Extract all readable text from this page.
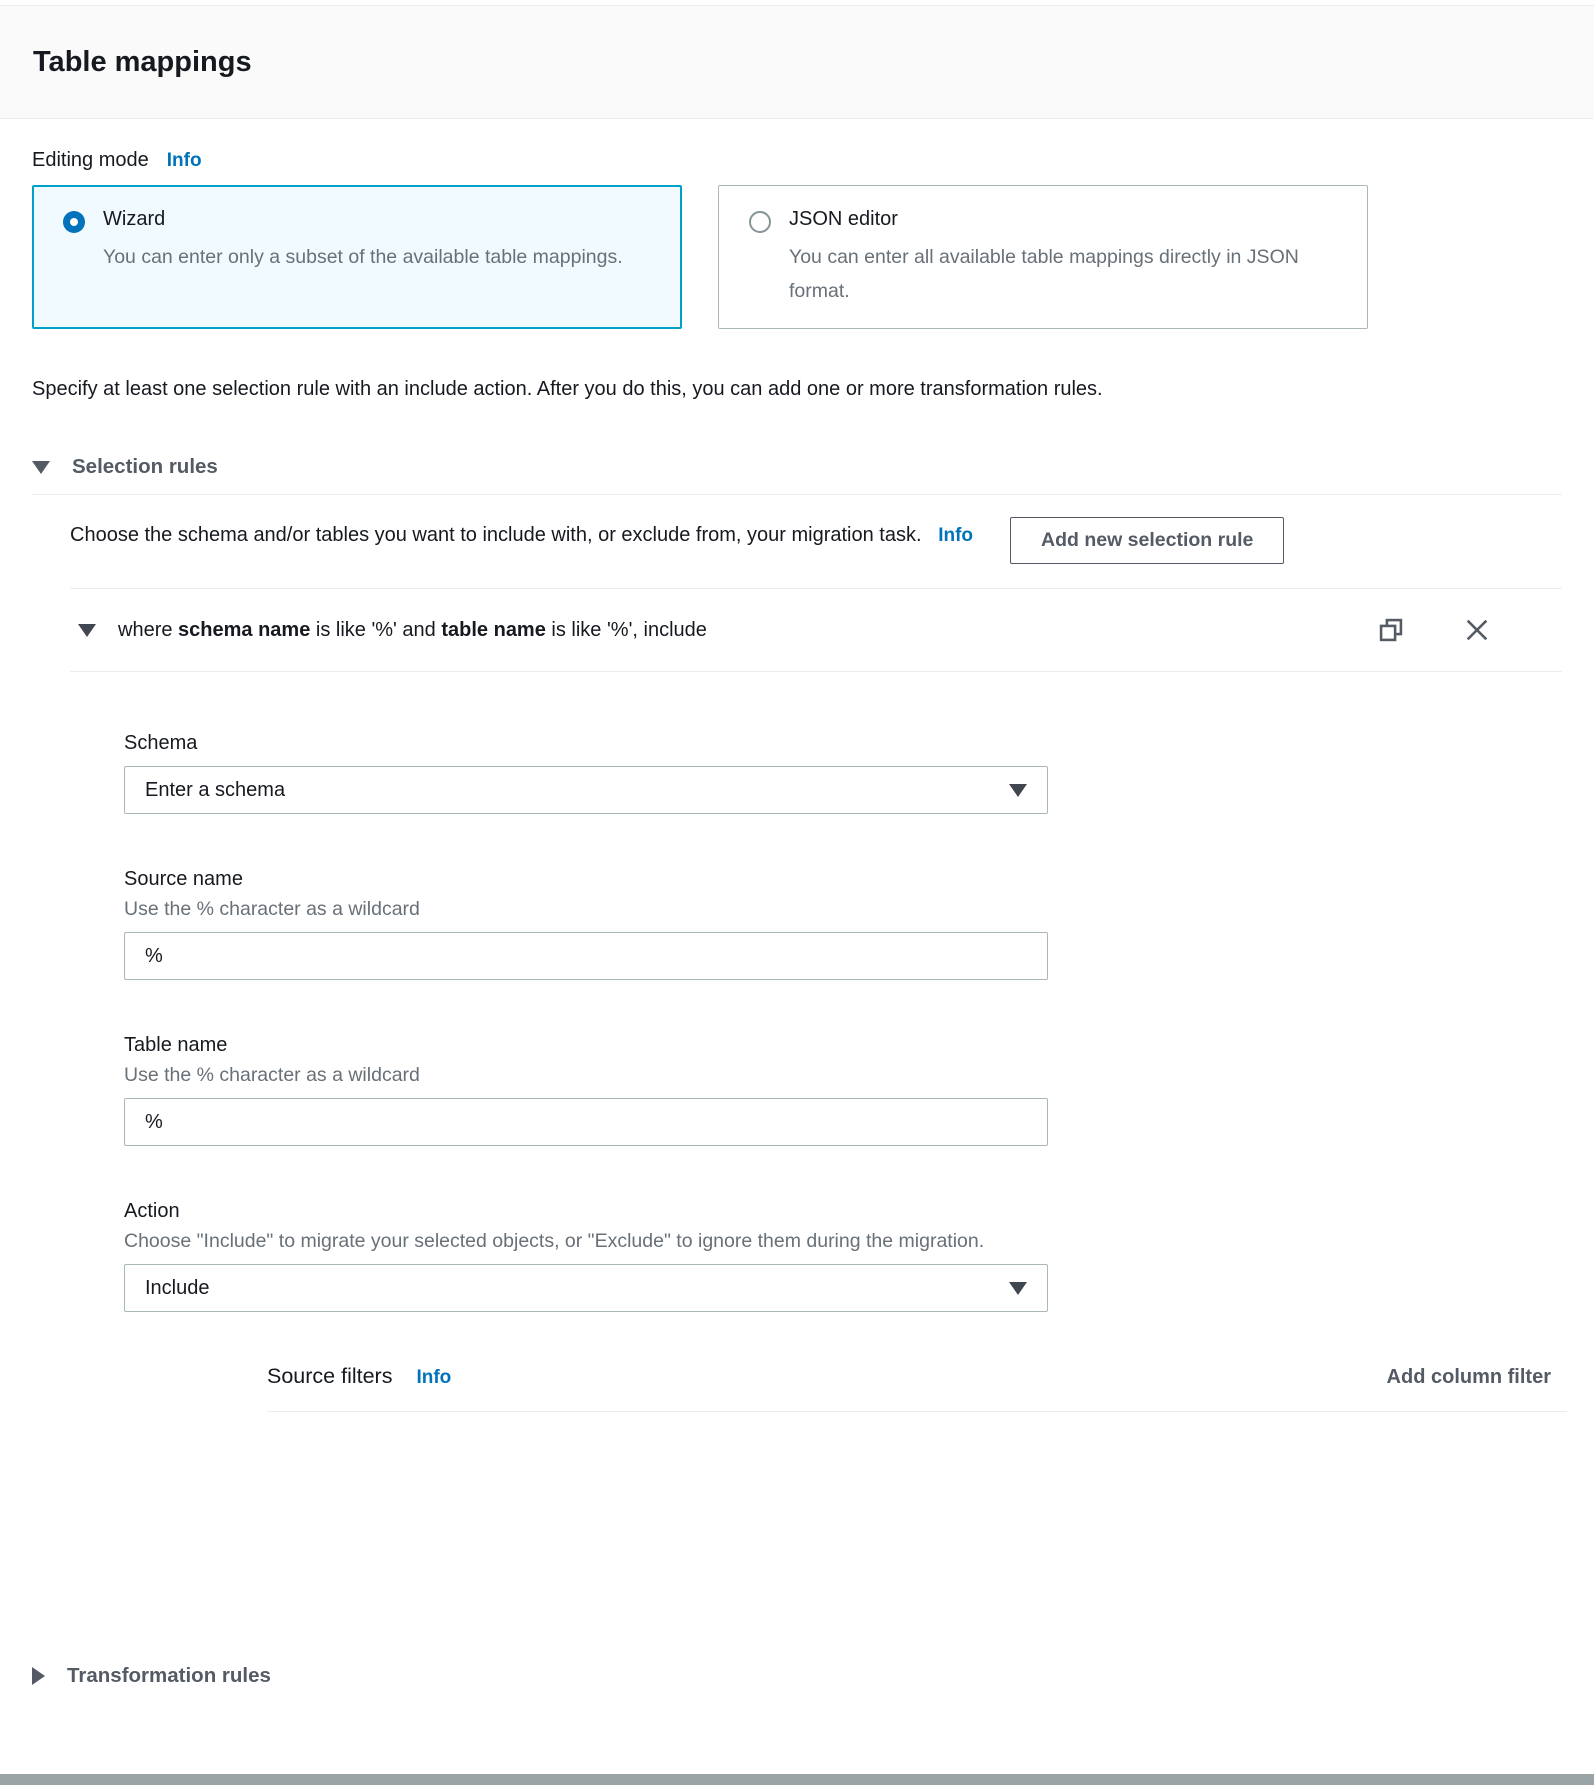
Table mappings
Editing mode Info
Wizard
You can enter only a subset of the available table mappings.
JSON editor
You can enter all available table mappings directly in JSON format.

Specify at least one selection rule with an include action. After you do this, you can add one or more transformation rules.

Selection rules

Choose the schema and/or tables you want to include with, or exclude from, your migration task. Info	Add new selection rule
where schema name is like '%' and table name is like '%', include
Schema
Enter a schema
Source name
Use the % character as a wildcard
%
Table name
Use the % character as a wildcard
%
Action
Choose "Include" to migrate your selected objects, or "Exclude" to ignore them during the migration.
Include
Source filters Info	Add column filter
Transformation rules
